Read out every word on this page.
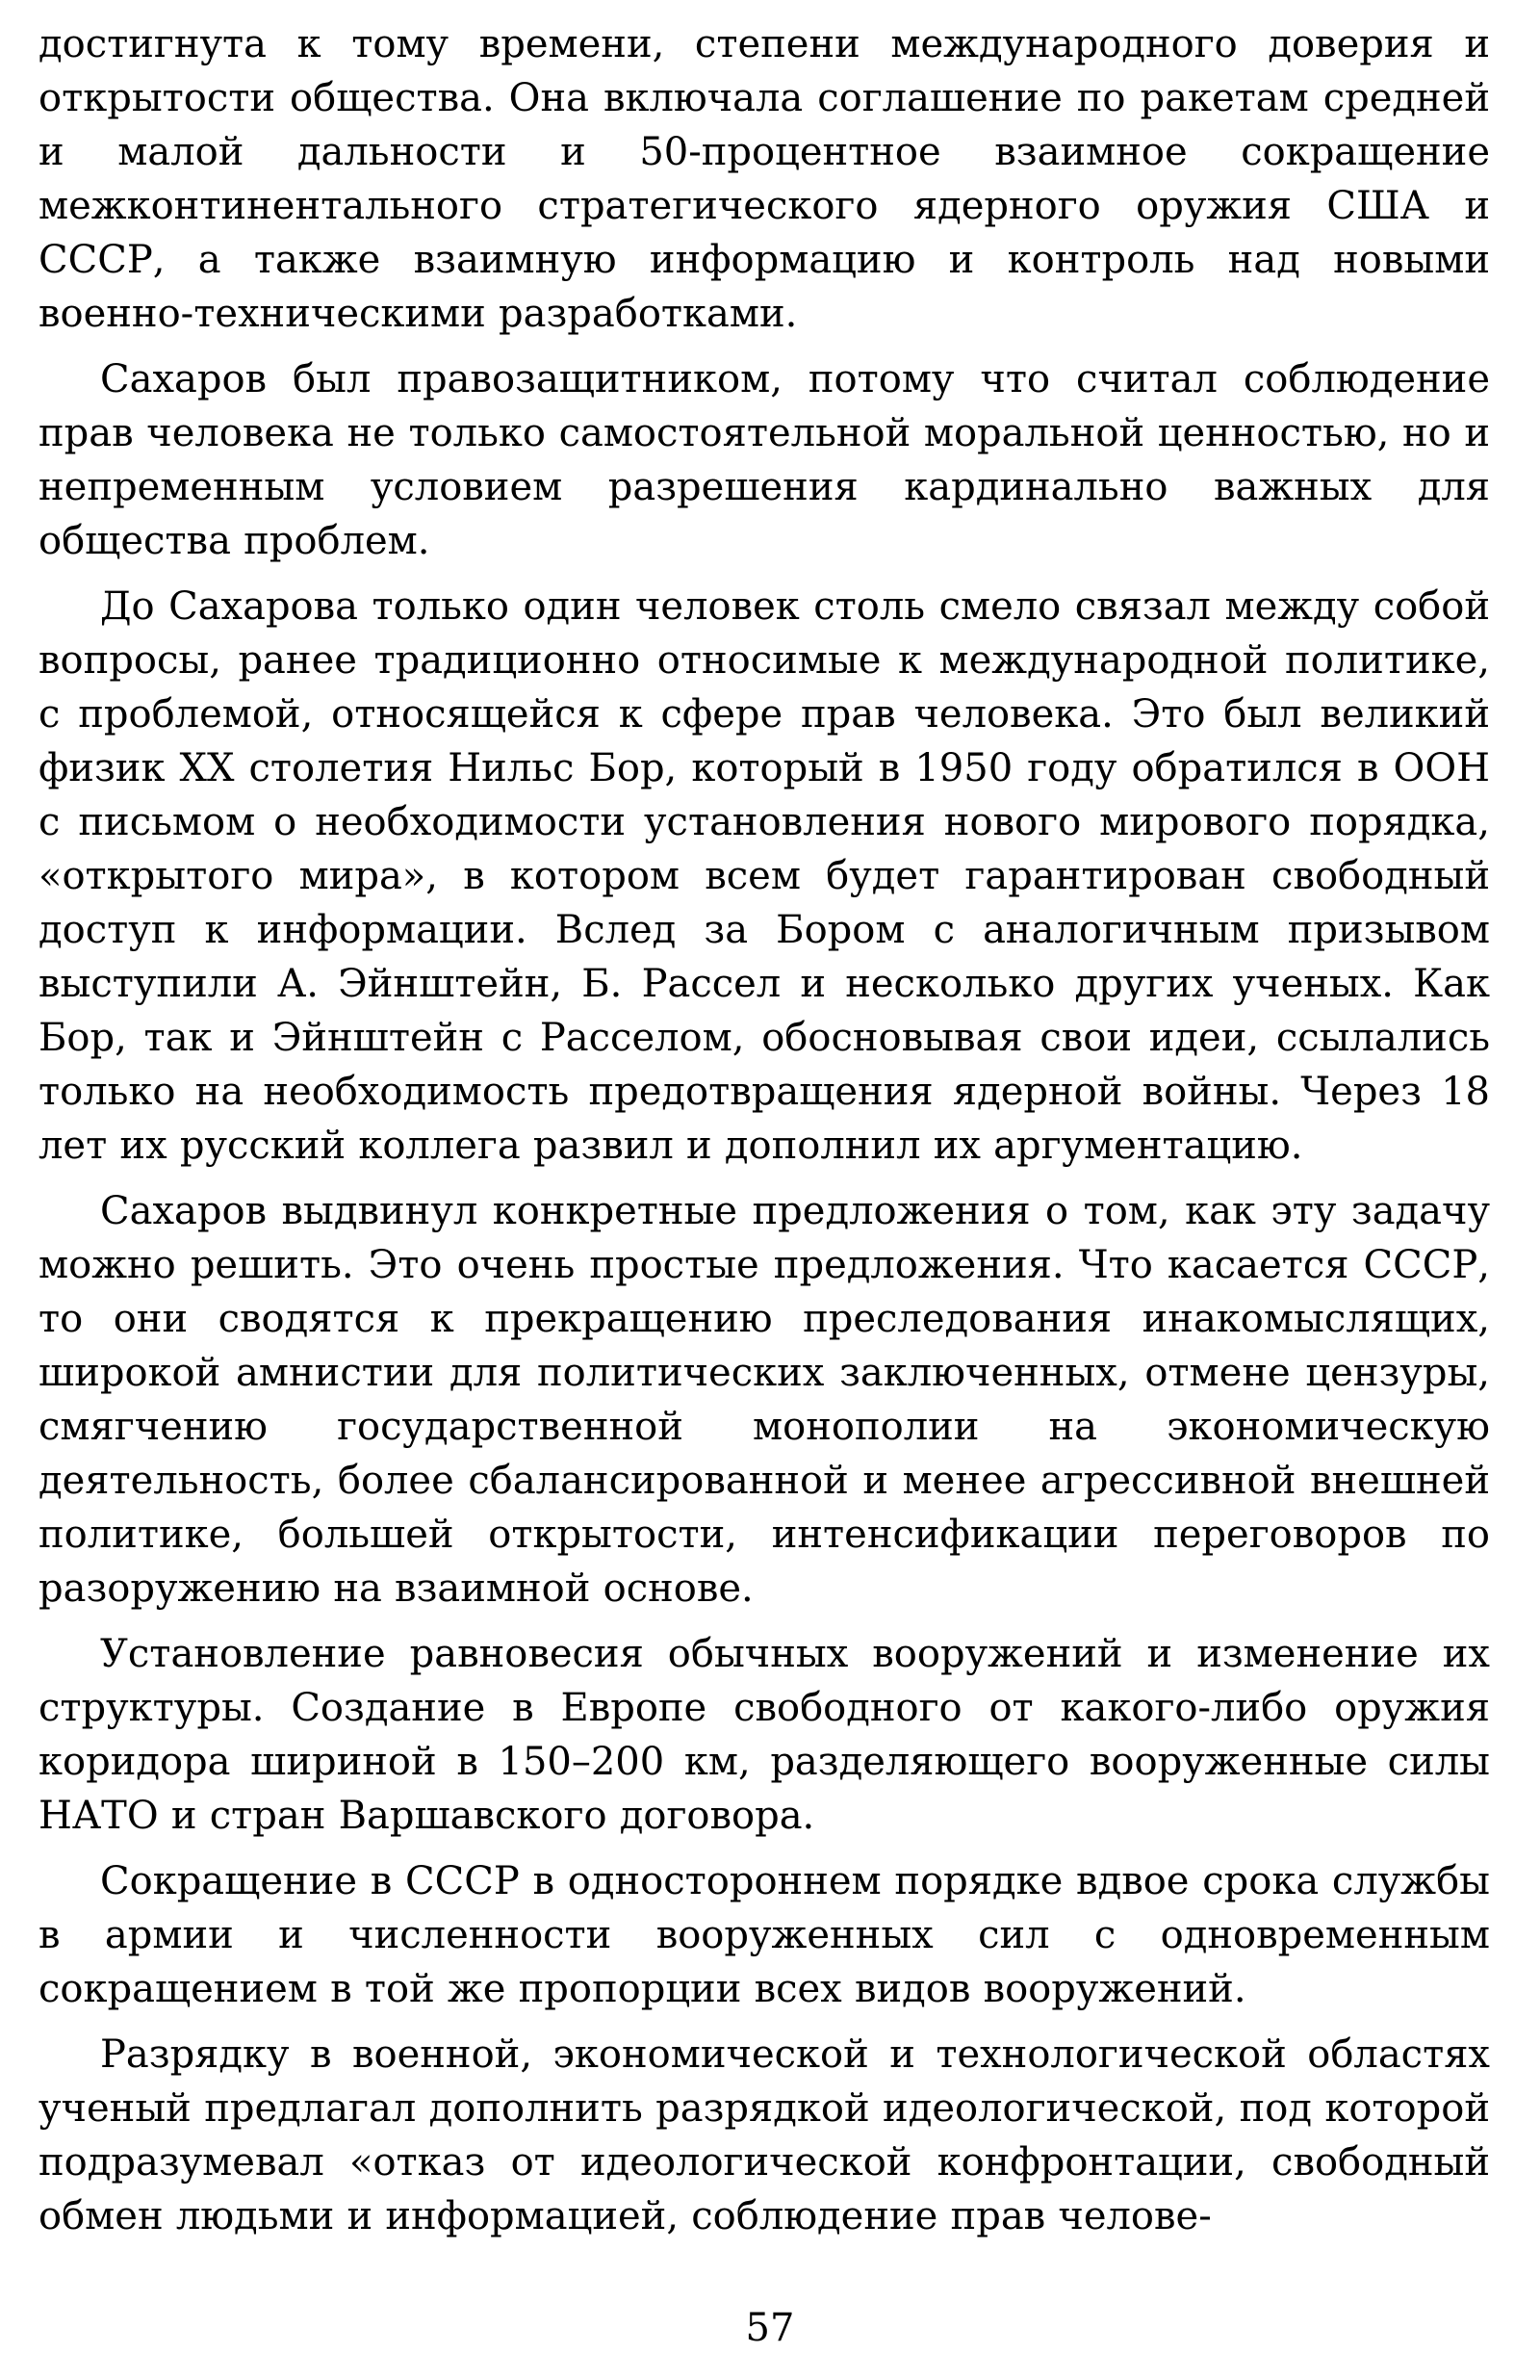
достигнута к тому времени, степени международного доверия и открытости общества. Она включала соглашение по ракетам средней и малой дальности и 50-процентное взаимное сокращение межконтинентального стратегического ядерного оружия США и СССР, а также взаимную информацию и контроль над новыми военно-техническими разработками.

Сахаров был правозащитником, потому что считал соблюдение прав человека не только самостоятельной моральной ценностью, но и непременным условием разрешения кардинально важных для общества проблем.

До Сахарова только один человек столь смело связал между собой вопросы, ранее традиционно относимые к международной политике, с проблемой, относящейся к сфере прав человека. Это был великий физик XX столетия Нильс Бор, который в 1950 году обратился в ООН с письмом о необходимости установления нового мирового порядка, «открытого мира», в котором всем будет гарантирован свободный доступ к информации. Вслед за Бором с аналогичным призывом выступили А. Эйнштейн, Б. Рассел и несколько других ученых. Как Бор, так и Эйнштейн с Расселом, обосновывая свои идеи, ссылались только на необходимость предотвращения ядерной войны. Через 18 лет их русский коллега развил и дополнил их аргументацию.

Сахаров выдвинул конкретные предложения о том, как эту задачу можно решить. Это очень простые предложения. Что касается СССР, то они сводятся к прекращению преследования инакомыслящих, широкой амнистии для политических заключенных, отмене цензуры, смягчению государственной монополии на экономическую деятельность, более сбалансированной и менее агрессивной внешней политике, большей открытости, интенсификации переговоров по разоружению на взаимной основе.

Установление равновесия обычных вооружений и изменение их структуры. Создание в Европе свободного от какого-либо оружия коридора шириной в 150–200 км, разделяющего вооруженные силы НАТО и стран Варшавского договора.

Сокращение в СССР в одностороннем порядке вдвое срока службы в армии и численности вооруженных сил с одновременным сокращением в той же пропорции всех видов вооружений.

Разрядку в военной, экономической и технологической областях ученый предлагал дополнить разрядкой идеологической, под которой подразумевал «отказ от идеологической конфронтации, свободный обмен людьми и информацией, соблюдение прав челове-

57
